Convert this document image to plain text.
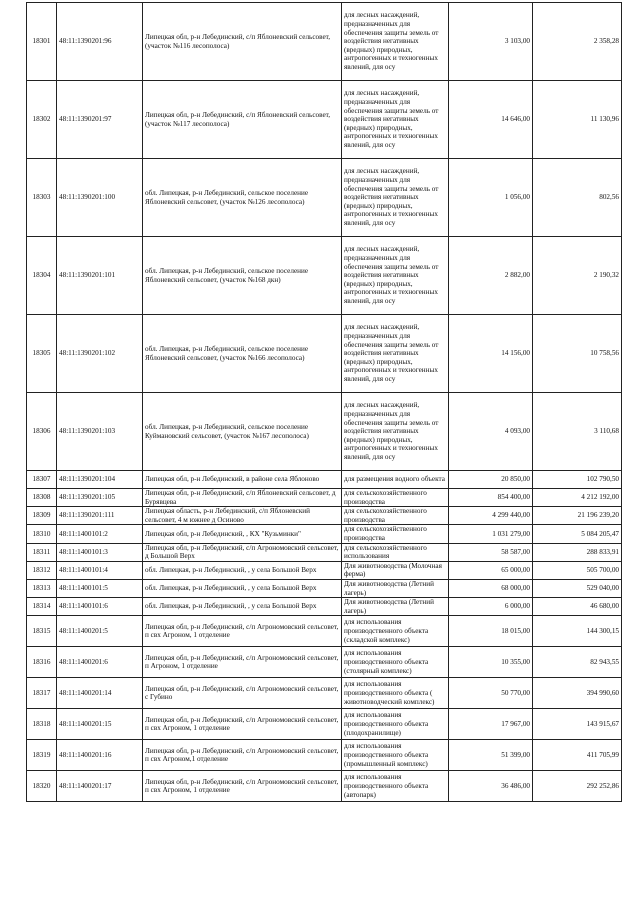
18301	48:11:1390201:96	Липецкая обл, р-н Лебединский, с/п Яблоневский сельсовет, (участок №116 лесополоса)	для лесных насаждений, предназначенных для обеспечения защиты земель от воздействия негативных (вредных) природных, антропогенных и техногенных явлений, для осу	3 103,00	2 358,28
18302	48:11:1390201:97	Липецкая обл, р-н Лебединский, с/п Яблоневский сельсовет, (участок №117 лесополоса)	для лесных насаждений, предназначенных для обеспечения защиты земель от воздействия негативных (вредных) природных, антропогенных и техногенных явлений, для осу	14 646,00	11 130,96
18303	48:11:1390201:100	обл. Липецкая, р-н Лебединский, сельское поселение Яблоневский сельсовет, (участок №126 лесополоса)	для лесных насаждений, предназначенных для обеспечения защиты земель от воздействия негативных (вредных) природных, антропогенных и техногенных явлений, для осу	1 056,00	802,56
18304	48:11:1390201:101	обл. Липецкая, р-н Лебединский, сельское поселение Яблоневский сельсовет, (участок №168 дкн)	для лесных насаждений, предназначенных для обеспечения защиты земель от воздействия негативных (вредных) природных, антропогенных и техногенных явлений, для осу	2 882,00	2 190,32
18305	48:11:1390201:102	обл. Липецкая, р-н Лебединский, сельское поселение Яблоневский сельсовет, (участок №166 лесополоса)	для лесных насаждений, предназначенных для обеспечения защиты земель от воздействия негативных (вредных) природных, антропогенных и техногенных явлений, для осу	14 156,00	10 758,56
18306	48:11:1390201:103	обл. Липецкая, р-н Лебединский, сельское поселение Куймановский сельсовет, (участок №167 лесополоса)	для лесных насаждений, предназначенных для обеспечения защиты земель от воздействия негативных (вредных) природных, антропогенных и техногенных явлений, для осу	4 093,00	3 110,68
18307	48:11:1390201:104	Липецкая обл, р-н Лебединский, в районе села Яблоново	для размещения водного объекта	20 850,00	102 790,50
18308	48:11:1390201:105	Липецкая обл, р-н Лебединский, с/п Яблоневский сельсовет, д Бурявцева	для сельскохозяйственного производства	854 400,00	4 212 192,00
18309	48:11:1390201:111	Липецкая область, р-н Лебединский, с/п Яблоневский сельсовет, 4 м южнее д Осиново	для сельскохозяйственного производства	4 299 440,00	21 196 239,20
18310	48:11:1400101:2	Липецкая обл, р-н Лебединский, , КХ "Кузьминки"	для сельскохозяйственного производства	1 031 279,00	5 084 205,47
18311	48:11:1400101:3	Липецкая обл, р-н Лебединский, с/п Агрономовский сельсовет, д Большой Верх	для сельскохозяйственного использования	58 587,00	288 833,91
18312	48:11:1400101:4	обл. Липецкая, р-н Лебединский, , у села Большой Верх	Для животноводства (Молочная ферма)	65 000,00	505 700,00
18313	48:11:1400101:5	обл. Липецкая, р-н Лебединский, , у села Большой Верх	Для животноводства (Летний лагерь)	68 000,00	529 040,00
18314	48:11:1400101:6	обл. Липецкая, р-н Лебединский, , у села Большой Верх	Для животноводства (Летний лагерь)	6 000,00	46 680,00
18315	48:11:1400201:5	Липецкая обл, р-н Лебединский, с/п Агрономовский сельсовет, п свх Агроном, 1 отделение	для использования производственного объекта (складской комплекс)	18 015,00	144 300,15
18316	48:11:1400201:6	Липецкая обл, р-н Лебединский, с/п Агрономовский сельсовет, п Агроном, 1 отделение	для использования производственного объекта (столярный комплекс)	10 355,00	82 943,55
18317	48:11:1400201:14	Липецкая обл, р-н Лебединский, с/п Агрономовский сельсовет, с Губино	для использования производственного объекта ( животноводческий комплекс)	50 770,00	394 990,60
18318	48:11:1400201:15	Липецкая обл, р-н Лебединский, с/п Агрономовский сельсовет, п свх Агроном, 1 отделение	для использования производственного объекта (плодохранилище)	17 967,00	143 915,67
18319	48:11:1400201:16	Липецкая обл, р-н Лебединский, с/п Агрономовский сельсовет, п свх Агроном,1 отделение	для использования производственного объекта (промышленный комплекс)	51 399,00	411 705,99
18320	48:11:1400201:17	Липецкая обл, р-н Лебединский, с/п Агрономовский сельсовет, п свх Агроном, 1 отделение	для использования производственного объекта (автопарк)	36 486,00	292 252,86
